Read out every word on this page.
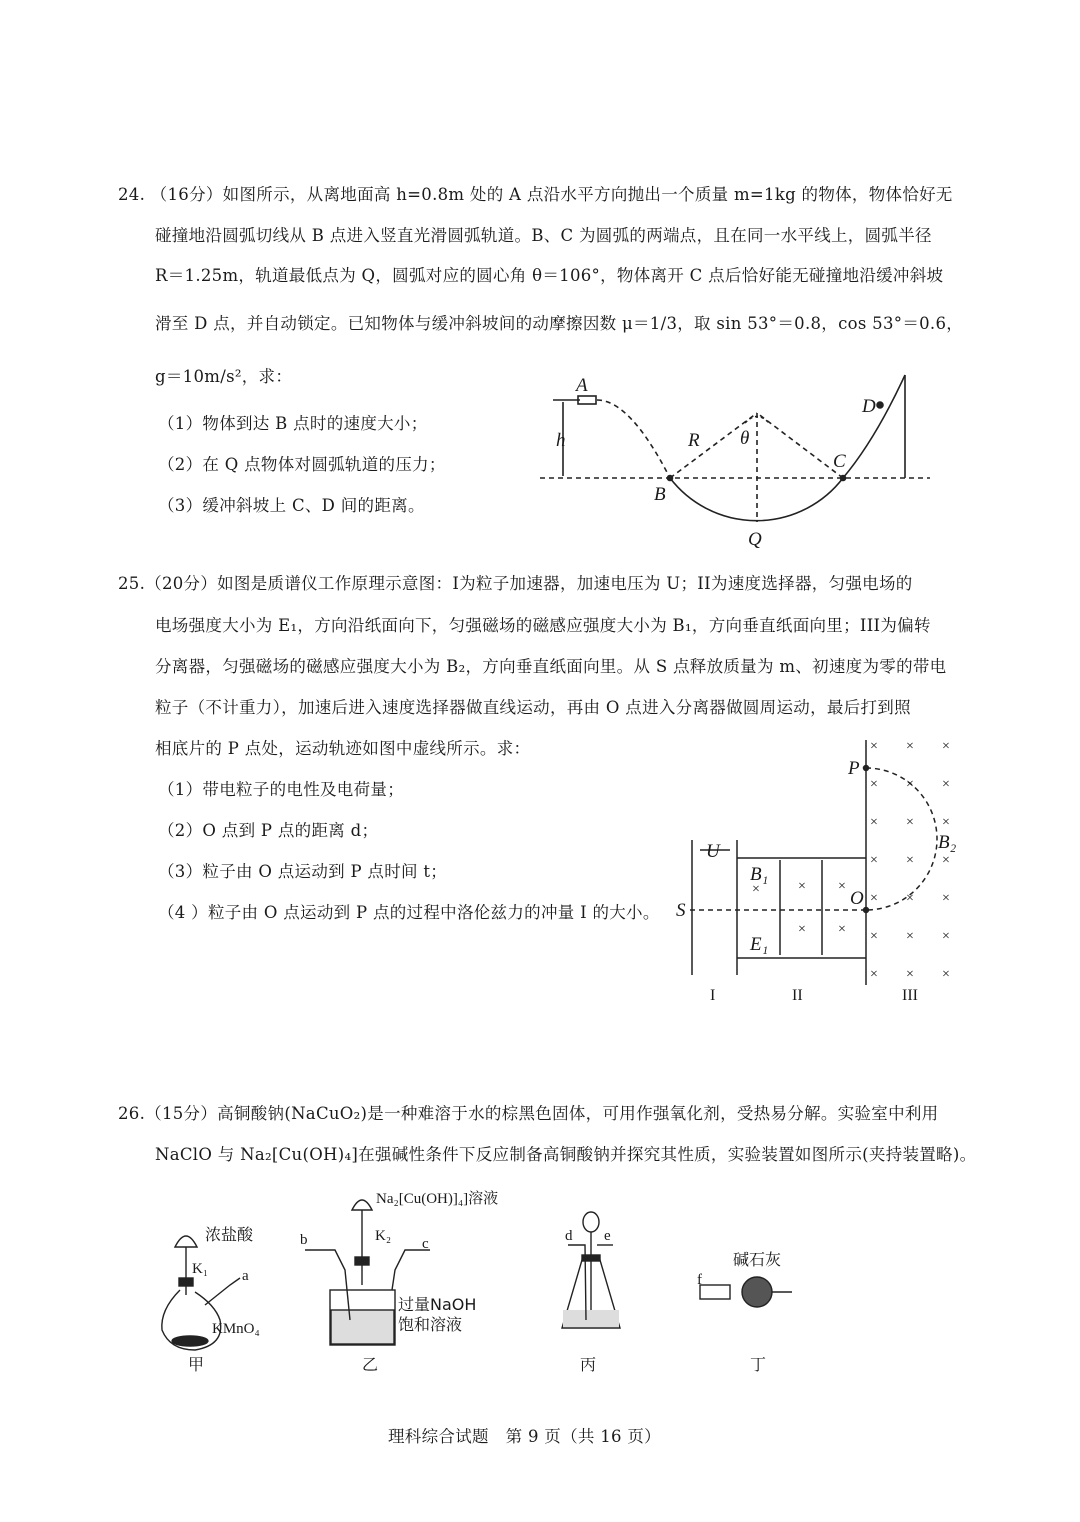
24. （16分）如图所示，从离地面高 h=0.8m 处的 A 点沿水平方向抛出一个质量 m=1kg 的物体，物体恰好无
碰撞地沿圆弧切线从 B 点进入竖直光滑圆弧轨道。B、C 为圆弧的两端点，且在同一水平线上，圆弧半径
R＝1.25m，轨道最低点为 Q，圆弧对应的圆心角 θ＝106°，物体离开 C 点后恰好能无碰撞地沿缓冲斜坡
滑至 D 点，并自动锁定。已知物体与缓冲斜坡间的动摩擦因数 μ＝1/3，取 sin 53°＝0.8，cos 53°＝0.6，
g＝10m/s²，求：
（1）物体到达 B 点时的速度大小；
（2）在 Q 点物体对圆弧轨道的压力；
（3）缓冲斜坡上 C、D 间的距离。
A
h	R θ
B
C
D
Q
× × ×
× × ×
× × ×
× × ×
× × ×
× × ×
× × ×
× ×
× ×
×
P
U
B₁
E₁
S
O
B₂
I	II	III
浓盐酸
K₁ a
KMnO₄
甲
Na₂[Cu(OH)]₄]溶液
K₂
b	c
过量NaOH
饱和溶液
乙
d e
丙
碱石灰
f
丁
25.（20分）如图是质谱仪工作原理示意图：I为粒子加速器，加速电压为 U；II为速度选择器，匀强电场的
电场强度大小为 E₁，方向沿纸面向下，匀强磁场的磁感应强度大小为 B₁，方向垂直纸面向里；III为偏转
分离器，匀强磁场的磁感应强度大小为 B₂，方向垂直纸面向里。从 S 点释放质量为 m、初速度为零的带电
粒子（不计重力），加速后进入速度选择器做直线运动，再由 O 点进入分离器做圆周运动，最后打到照
相底片的 P 点处，运动轨迹如图中虚线所示。求：
（1）带电粒子的电性及电荷量；
（2）O 点到 P 点的距离 d；
（3）粒子由 O 点运动到 P 点时间 t；
（4 ）粒子由 O 点运动到 P 点的过程中洛伦兹力的冲量 I 的大小。
26.（15分）高铜酸钠(NaCuO₂)是一种难溶于水的棕黑色固体，可用作强氧化剂，受热易分解。实验室中利用
NaClO 与 Na₂[Cu(OH)₄]在强碱性条件下反应制备高铜酸钠并探究其性质，实验装置如图所示(夹持装置略)。
理科综合试题　第 9 页（共 16 页）
